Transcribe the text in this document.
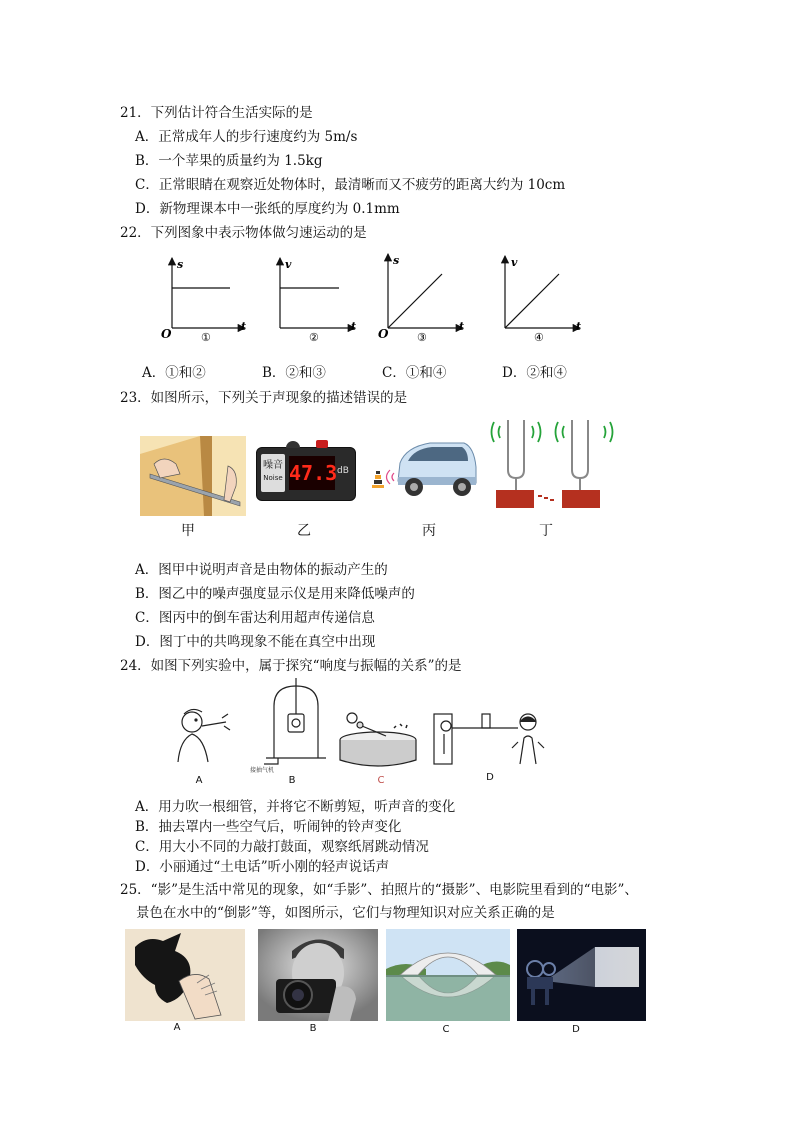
21．下列估计符合生活实际的是
A．正常成年人的步行速度约为 5m/s
B．一个苹果的质量约为 1.5kg
C．正常眼睛在观察近处物体时，最清晰而又不疲劳的距离大约为 10cm
D．新物理课本中一张纸的厚度约为 0.1mm
22．下列图象中表示物体做匀速运动的是
s
t
O	①
v
t
②
s
t
O	③
v
t
④
A．①和②	B．②和③	C．①和④	D．②和④
23．如图所示，下列关于声现象的描述错误的是
甲
噪音
Noise 47.3 dB
乙	丙	丁
A．图甲中说明声音是由物体的振动产生的
B．图乙中的噪声强度显示仪是用来降低噪声的
C．图丙中的倒车雷达利用超声传递信息
D．图丁中的共鸣现象不能在真空中出现
24．如图下列实验中，属于探究“响度与振幅的关系”的是
接抽气机
A	B	C	D
A．用力吹一根细管，并将它不断剪短，听声音的变化
B．抽去罩内一些空气后，听闹钟的铃声变化
C．用大小不同的力敲打鼓面，观察纸屑跳动情况
D．小丽通过“土电话”听小刚的轻声说话声
25．“影”是生活中常见的现象，如“手影”、拍照片的“摄影”、电影院里看到的“电影”、
景色在水中的“倒影”等，如图所示，它们与物理知识对应关系正确的是
A	B	C	D
